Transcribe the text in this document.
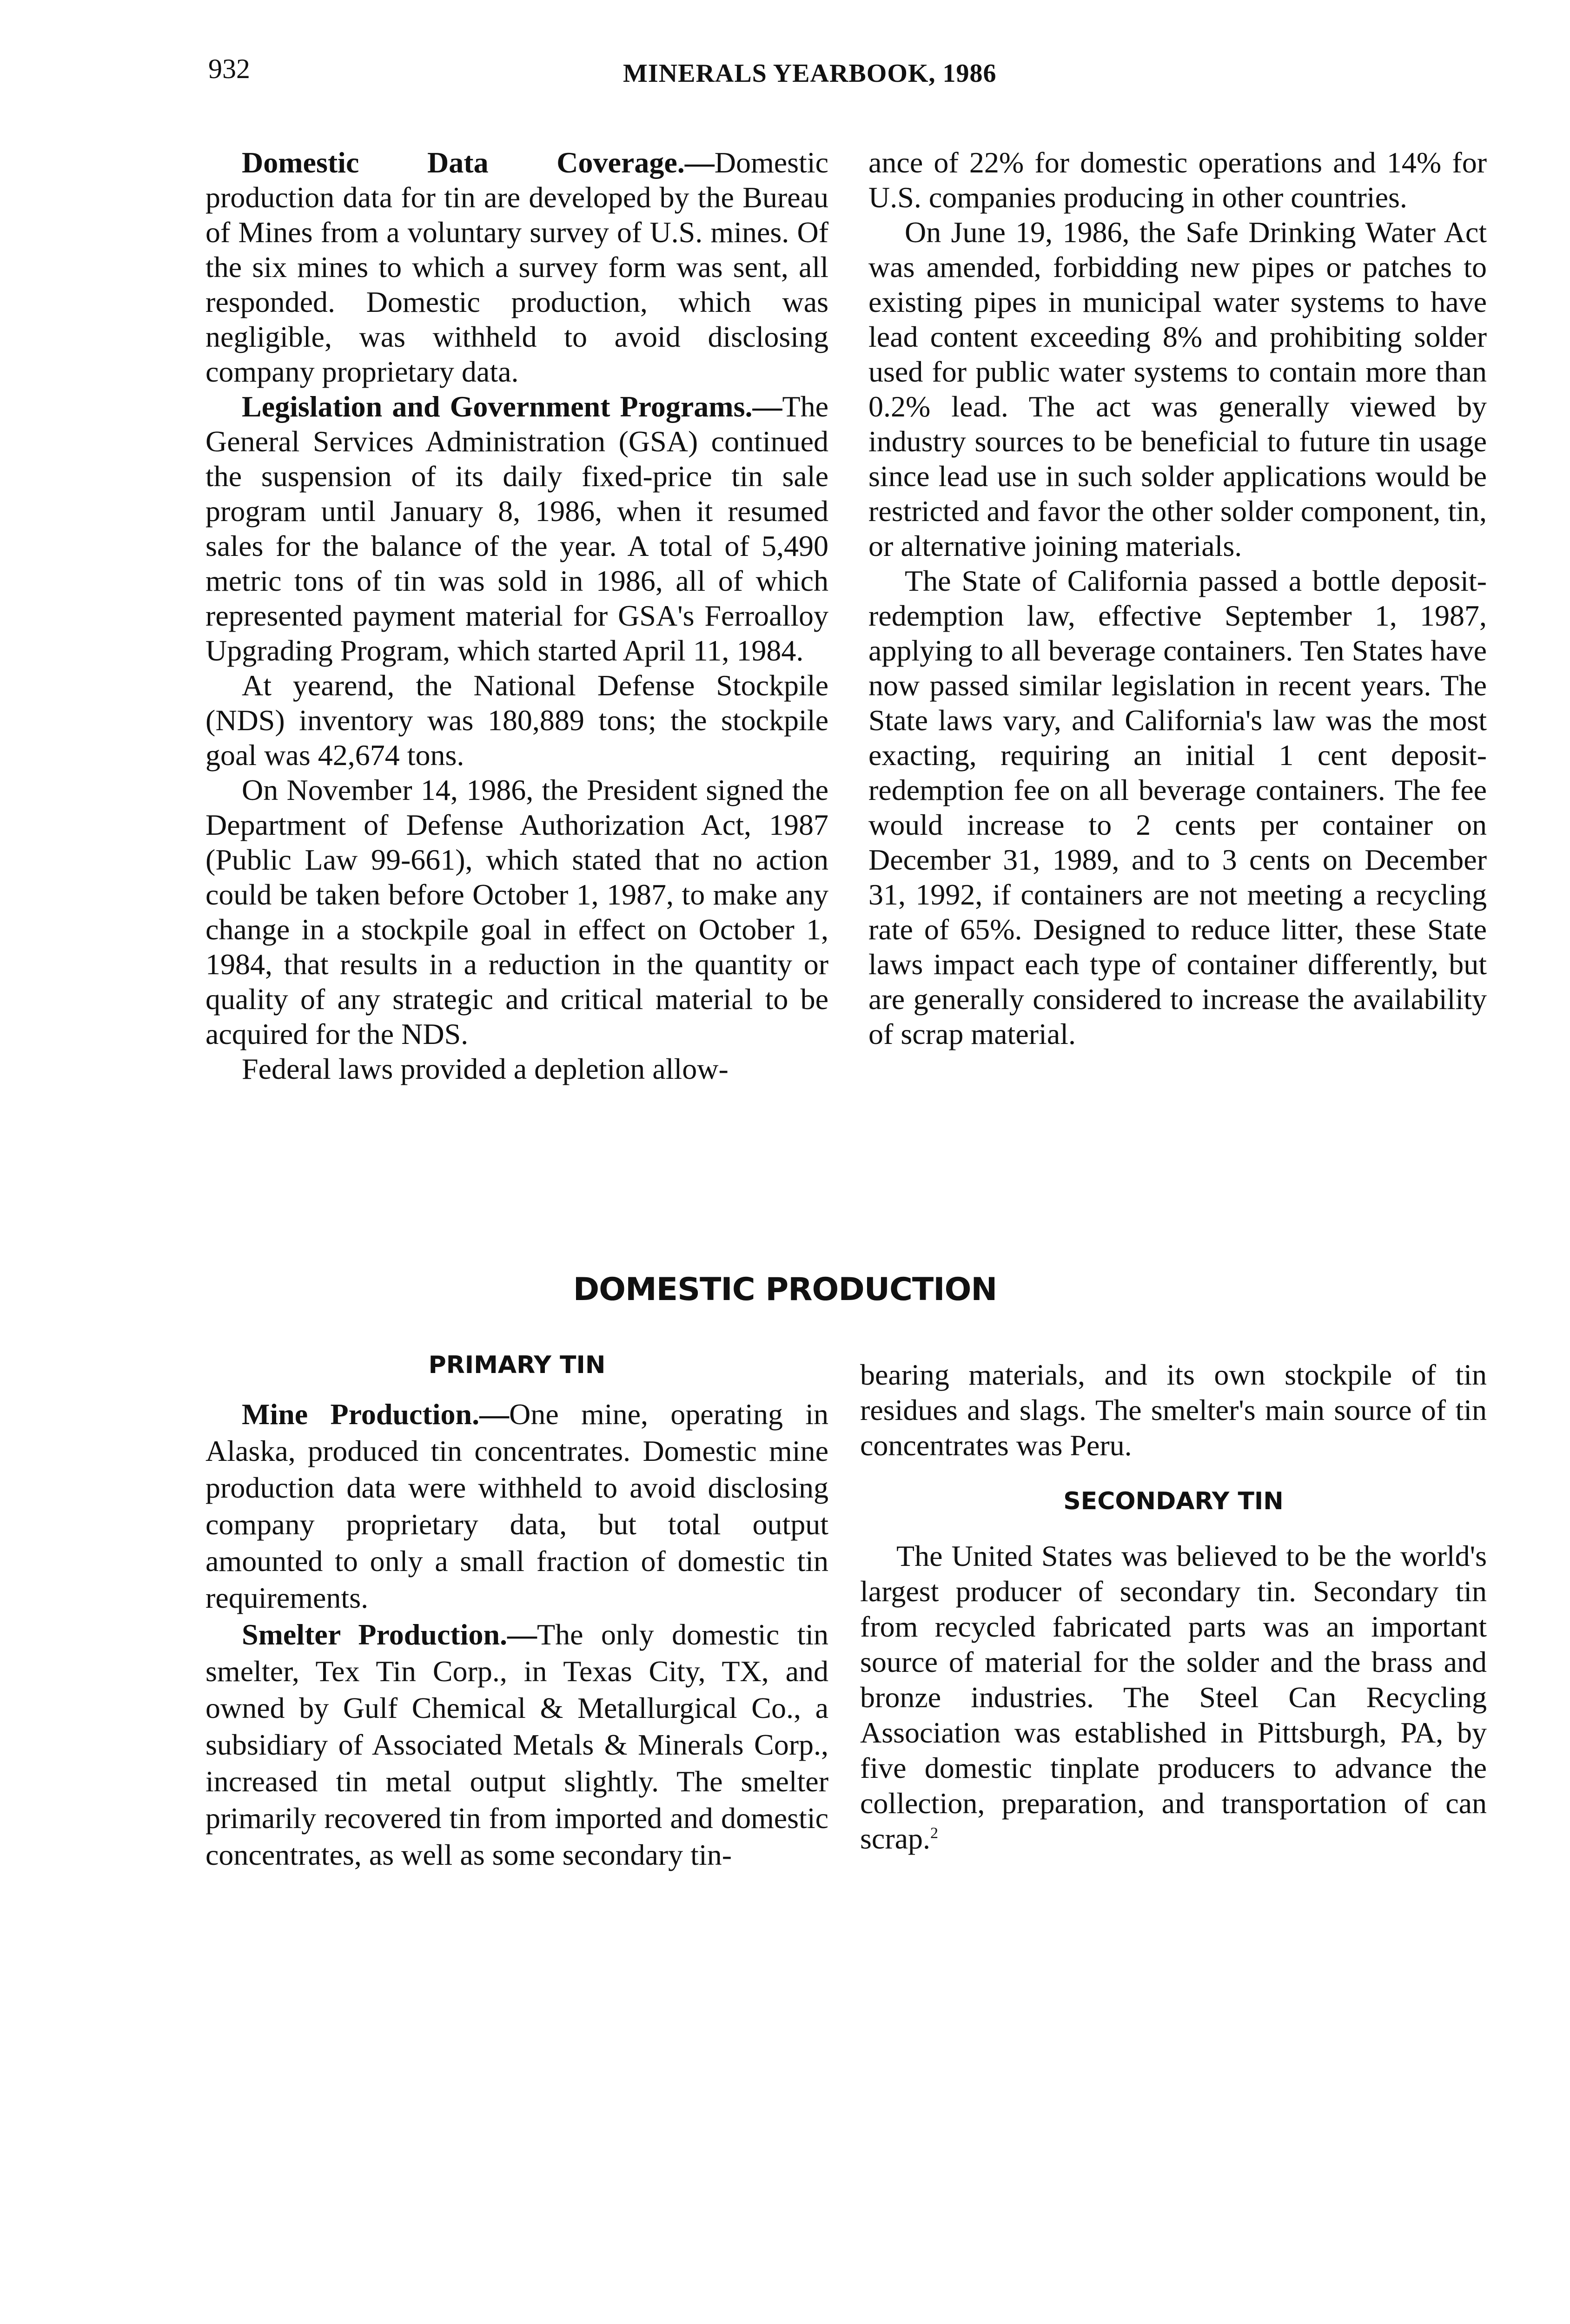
932	MINERALS YEARBOOK, 1986

Domestic Data Coverage.—Domestic production data for tin are developed by the Bureau of Mines from a voluntary survey of U.S. mines. Of the six mines to which a survey form was sent, all responded. Domestic production, which was negligible, was withheld to avoid disclosing company proprietary data.

Legislation and Government Programs.—The General Services Administration (GSA) continued the suspension of its daily fixed-price tin sale program until January 8, 1986, when it resumed sales for the balance of the year. A total of 5,490 metric tons of tin was sold in 1986, all of which represented payment material for GSA's Ferroalloy Upgrading Program, which started April 11, 1984.

At yearend, the National Defense Stockpile (NDS) inventory was 180,889 tons; the stockpile goal was 42,674 tons.

On November 14, 1986, the President signed the Department of Defense Authorization Act, 1987 (Public Law 99-661), which stated that no action could be taken before October 1, 1987, to make any change in a stockpile goal in effect on October 1, 1984, that results in a reduction in the quantity or quality of any strategic and critical material to be acquired for the NDS.

Federal laws provided a depletion allow-

ance of 22% for domestic operations and 14% for U.S. companies producing in other countries.

On June 19, 1986, the Safe Drinking Water Act was amended, forbidding new pipes or patches to existing pipes in municipal water systems to have lead content exceeding 8% and prohibiting solder used for public water systems to contain more than 0.2% lead. The act was generally viewed by industry sources to be beneficial to future tin usage since lead use in such solder applications would be restricted and favor the other solder component, tin, or alternative joining materials.

The State of California passed a bottle deposit-redemption law, effective September 1, 1987, applying to all beverage containers. Ten States have now passed similar legislation in recent years. The State laws vary, and California's law was the most exacting, requiring an initial 1 cent deposit-redemption fee on all beverage containers. The fee would increase to 2 cents per container on December 31, 1989, and to 3 cents on December 31, 1992, if containers are not meeting a recycling rate of 65%. Designed to reduce litter, these State laws impact each type of container differently, but are generally considered to increase the availability of scrap material.

DOMESTIC PRODUCTION
PRIMARY TIN

Mine Production.—One mine, operating in Alaska, produced tin concentrates. Domestic mine production data were withheld to avoid disclosing company proprietary data, but total output amounted to only a small fraction of domestic tin requirements.

Smelter Production.—The only domestic tin smelter, Tex Tin Corp., in Texas City, TX, and owned by Gulf Chemical & Metallurgical Co., a subsidiary of Associated Metals & Minerals Corp., increased tin metal output slightly. The smelter primarily recovered tin from imported and domestic concentrates, as well as some secondary tin-

bearing materials, and its own stockpile of tin residues and slags. The smelter's main source of tin concentrates was Peru.

SECONDARY TIN

The United States was believed to be the world's largest producer of secondary tin. Secondary tin from recycled fabricated parts was an important source of material for the solder and the brass and bronze industries. The Steel Can Recycling Association was established in Pittsburgh, PA, by five domestic tinplate producers to advance the collection, preparation, and transportation of can scrap.$^2$
